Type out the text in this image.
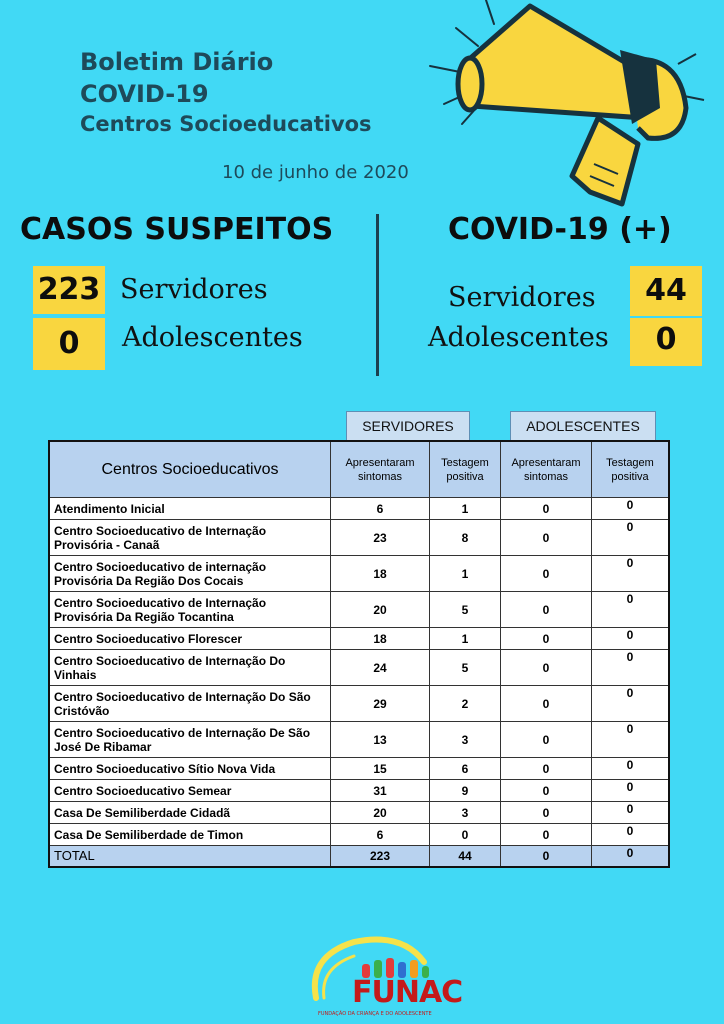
Boletim Diário
COVID-19
Centros Socioeducativos
10 de junho de 2020
CASOS SUSPEITOS	COVID-19 (+)
223 Servidores
0	Adolescentes
Servidores	44
Adolescentes	0
SERVIDORES	ADOLESCENTES
Centros Socioeducativos	Apresentaram sintomas	Testagem positiva	Apresentaram sintomas	Testagem positiva
Atendimento Inicial	6	1	0	0
Centro Socioeducativo de Internação Provisória - Canaã	23	8	0	0
Centro Socioeducativo de internação Provisória Da Região Dos Cocais	18	1	0	0
Centro Socioeducativo de Internação Provisória Da Região Tocantina	20	5	0	0
Centro Socioeducativo Florescer	18	1	0	0
Centro Socioeducativo de Internação Do Vinhais	24	5	0	0
Centro Socioeducativo de Internação Do São Cristóvão	29	2	0	0
Centro Socioeducativo de Internação De São José De Ribamar	13	3	0	0
Centro Socioeducativo Sítio Nova Vida	15	6	0	0
Centro Socioeducativo Semear	31	9	0	0
Casa De Semiliberdade Cidadã	20	3	0	0
Casa De Semiliberdade de Timon	6	0	0	0
TOTAL	223	44	0	0
FUNAC
FUNDAÇÃO DA CRIANÇA E DO ADOLESCENTE
